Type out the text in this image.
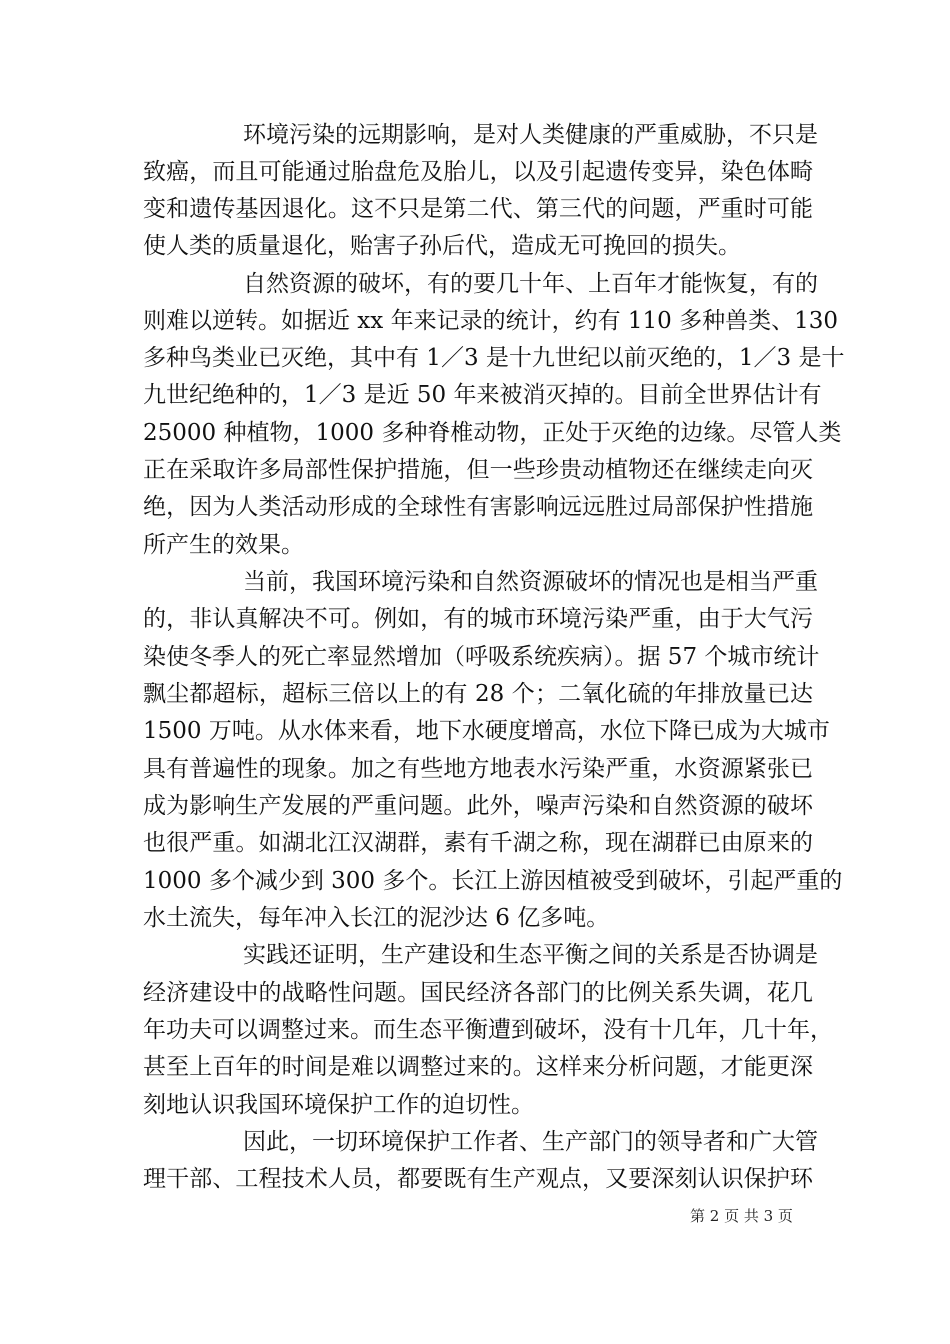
环境污染的远期影响，是对人类健康的严重威胁，不只是
致癌，而且可能通过胎盘危及胎儿，以及引起遗传变异，染色体畸
变和遗传基因退化。这不只是第二代、第三代的问题，严重时可能
使人类的质量退化，贻害子孙后代，造成无可挽回的损失。
自然资源的破坏，有的要几十年、上百年才能恢复，有的
则难以逆转。如据近 xx 年来记录的统计，约有 110 多种兽类、130
多种鸟类业已灭绝，其中有 1／3 是十九世纪以前灭绝的，1／3 是十
九世纪绝种的，1／3 是近 50 年来被消灭掉的。目前全世界估计有
25000 种植物，1000 多种脊椎动物，正处于灭绝的边缘。尽管人类
正在采取许多局部性保护措施，但一些珍贵动植物还在继续走向灭
绝，因为人类活动形成的全球性有害影响远远胜过局部保护性措施
所产生的效果。
当前，我国环境污染和自然资源破坏的情况也是相当严重
的，非认真解决不可。例如，有的城市环境污染严重，由于大气污
染使冬季人的死亡率显然增加（呼吸系统疾病）。据 57 个城市统计
飘尘都超标，超标三倍以上的有 28 个；二氧化硫的年排放量已达
1500 万吨。从水体来看，地下水硬度增高，水位下降已成为大城市
具有普遍性的现象。加之有些地方地表水污染严重，水资源紧张已
成为影响生产发展的严重问题。此外，噪声污染和自然资源的破坏
也很严重。如湖北江汉湖群，素有千湖之称，现在湖群已由原来的
1000 多个减少到 300 多个。长江上游因植被受到破坏，引起严重的
水土流失，每年冲入长江的泥沙达 6 亿多吨。
实践还证明，生产建设和生态平衡之间的关系是否协调是
经济建设中的战略性问题。国民经济各部门的比例关系失调，花几
年功夫可以调整过来。而生态平衡遭到破坏，没有十几年，几十年，
甚至上百年的时间是难以调整过来的。这样来分析问题，才能更深
刻地认识我国环境保护工作的迫切性。
因此，一切环境保护工作者、生产部门的领导者和广大管
理干部、工程技术人员，都要既有生产观点，又要深刻认识保护环
第 2 页 共 3 页
